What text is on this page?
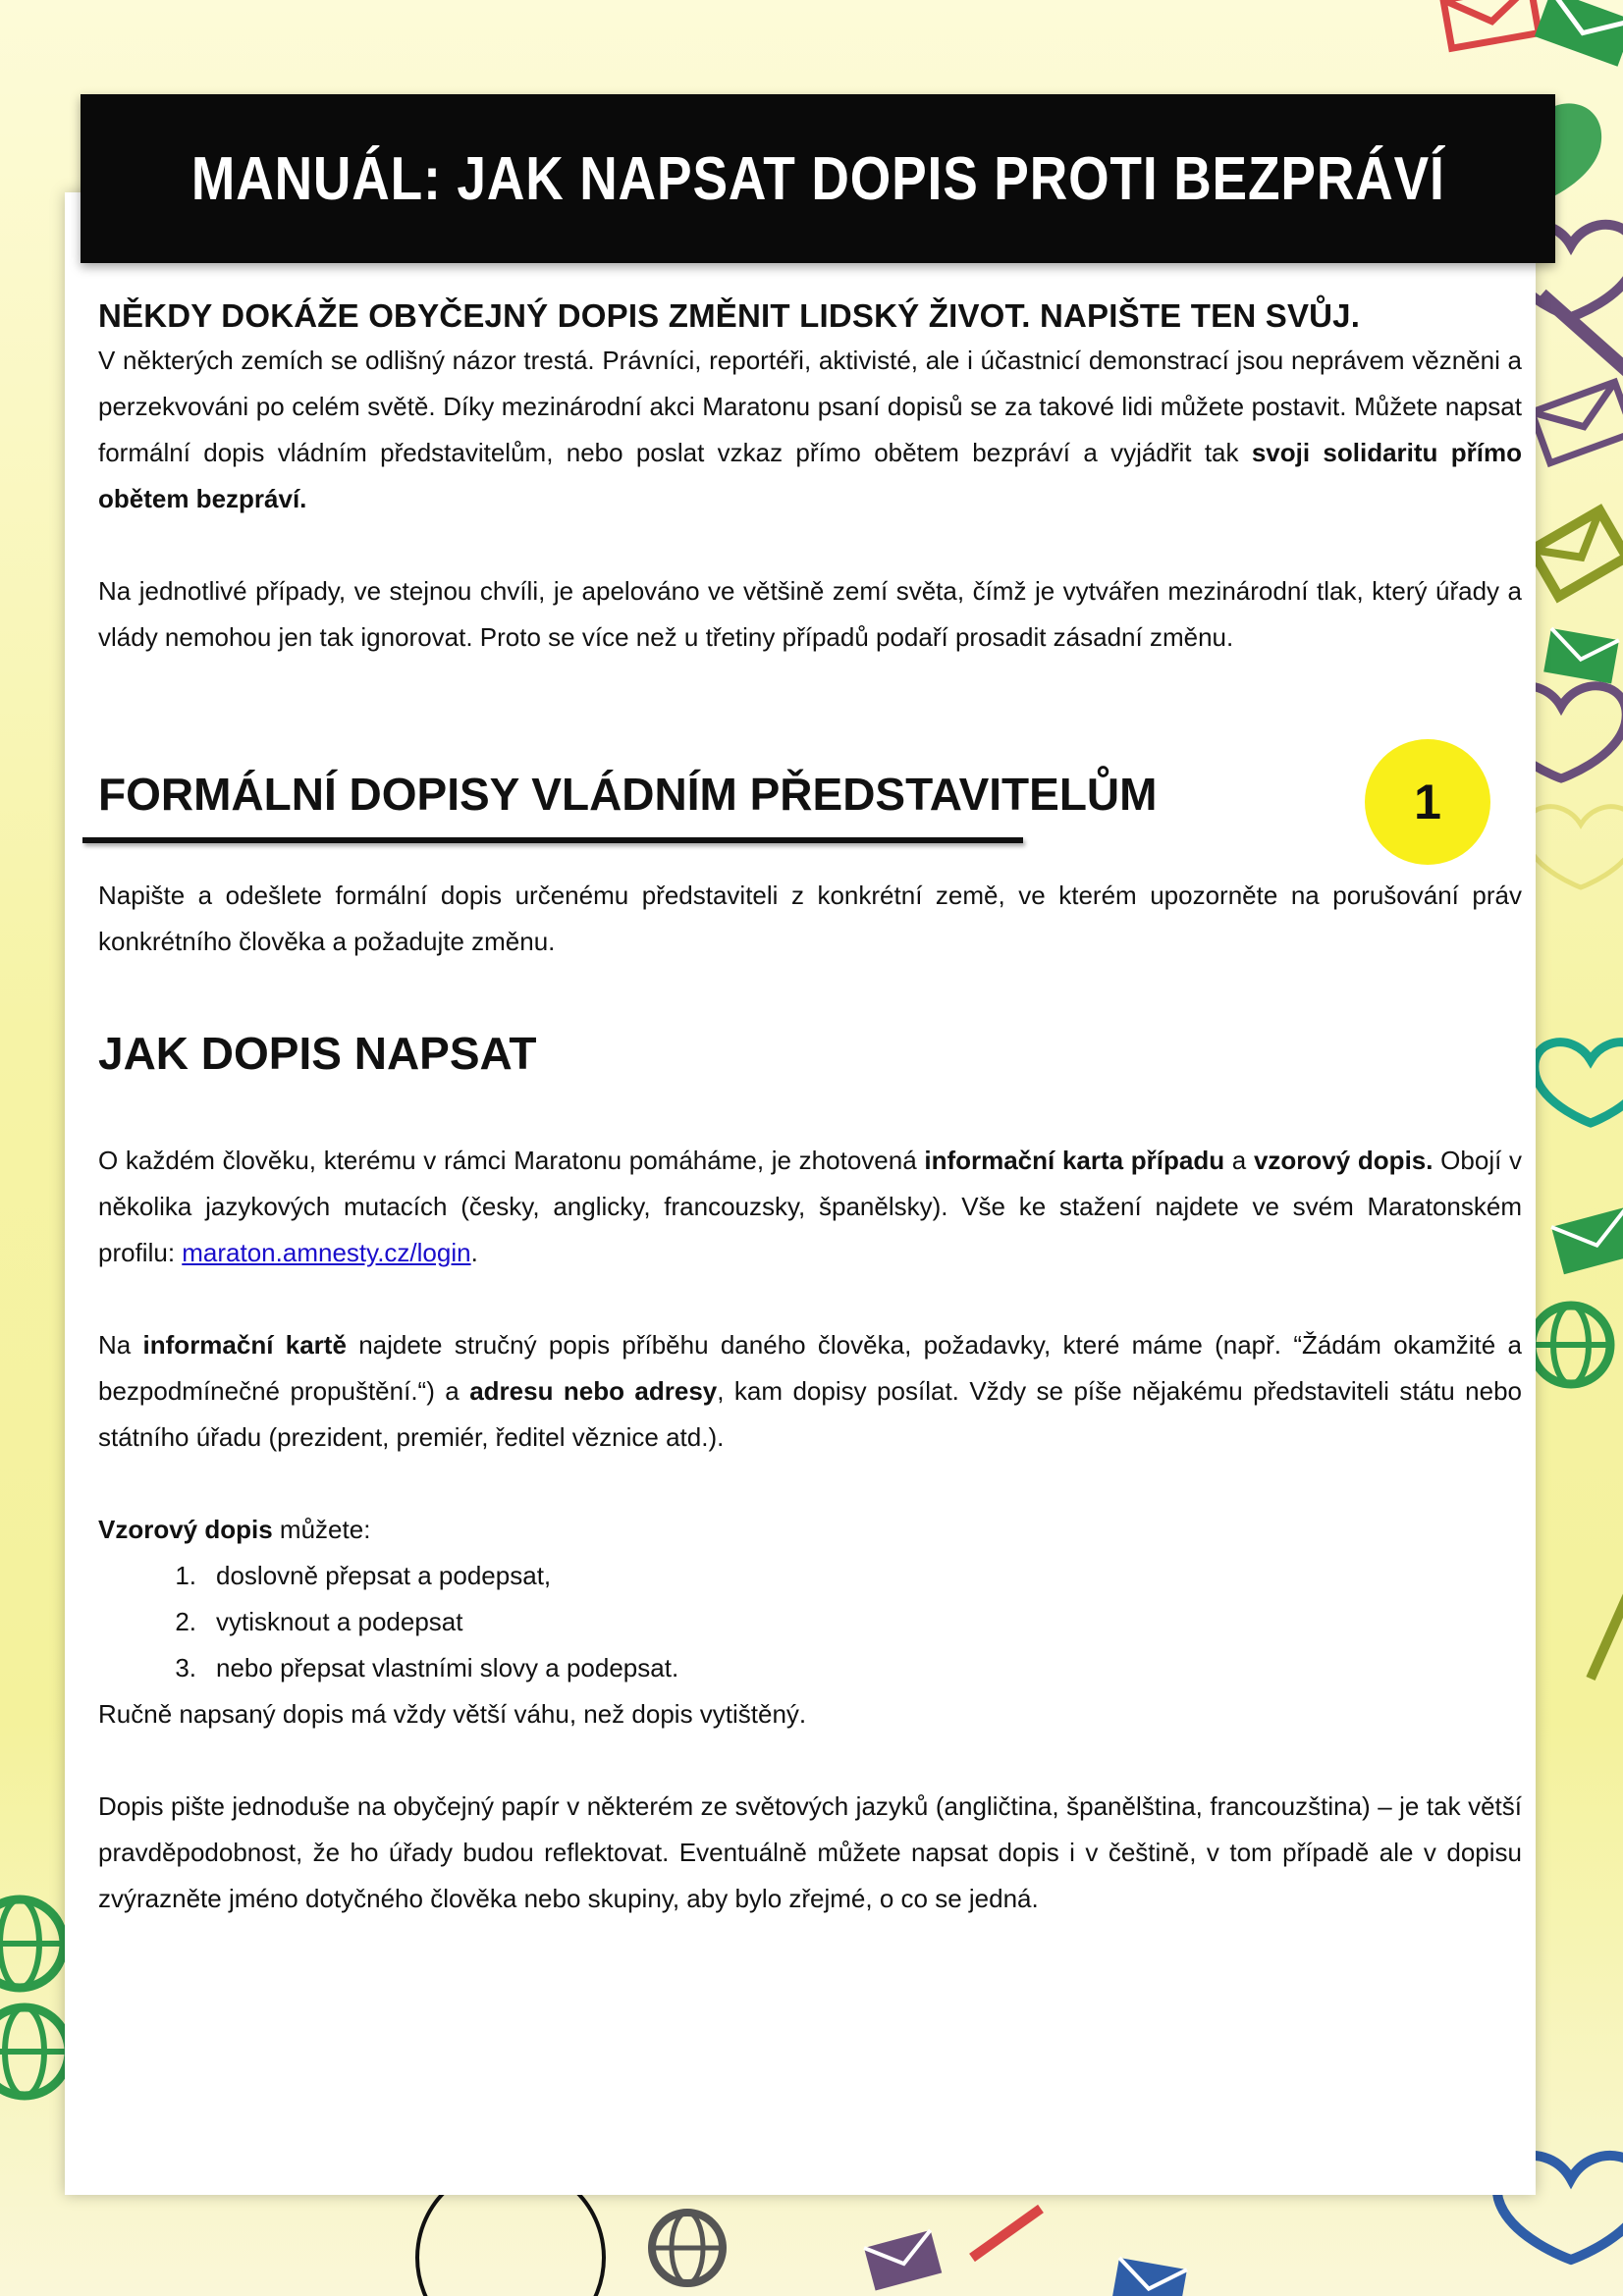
MANUÁL: JAK NAPSAT DOPIS PROTI BEZPRÁVÍ

NĚKDY DOKÁŽE OBYČEJNÝ DOPIS ZMĚNIT LIDSKÝ ŽIVOT. NAPIŠTE TEN SVŮJ.

V některých zemích se odlišný názor trestá. Právníci, reportéři, aktivisté, ale i účastnicí demonstrací jsou neprávem vězněni a perzekvováni po celém světě. Díky mezinárodní akci Maratonu psaní dopisů se za takové lidi můžete postavit. Můžete napsat formální dopis vládním představitelům, nebo poslat vzkaz přímo obětem bezpráví a vyjádřit tak svoji solidaritu přímo obětem bezpráví.

Na jednotlivé případy, ve stejnou chvíli, je apelováno ve většině zemí světa, čímž je vytvářen mezinárodní tlak, který úřady a vlády nemohou jen tak ignorovat. Proto se více než u třetiny případů podaří prosadit zásadní změnu.

FORMÁLNÍ DOPISY VLÁDNÍM PŘEDSTAVITELŮM	1

Napište a odešlete formální dopis určenému představiteli z konkrétní země, ve kterém upozorněte na porušování práv konkrétního člověka a požadujte změnu.

JAK DOPIS NAPSAT

O každém člověku, kterému v rámci Maratonu pomáháme, je zhotovená informační karta případu a vzorový dopis. Obojí v několika jazykových mutacích (česky, anglicky, francouzsky, španělsky). Vše ke stažení najdete ve svém Maratonském profilu: maraton.amnesty.cz/login.

Na informační kartě najdete stručný popis příběhu daného člověka, požadavky, které máme (např. “Žádám okamžité a bezpodmínečné propuštění.“) a adresu nebo adresy, kam dopisy posílat. Vždy se píše nějakému představiteli státu nebo státního úřadu (prezident, premiér, ředitel věznice atd.).

Vzorový dopis můžete:

1. doslovně přepsat a podepsat,
2. vytisknout a podepsat
3. nebo přepsat vlastními slovy a podepsat.

Ručně napsaný dopis má vždy větší váhu, než dopis vytištěný.

Dopis pište jednoduše na obyčejný papír v některém ze světových jazyků (angličtina, španělština, francouzština) – je tak větší pravděpodobnost, že ho úřady budou reflektovat. Eventuálně můžete napsat dopis i v češtině, v tom případě ale v dopisu zvýrazněte jméno dotyčného člověka nebo skupiny, aby bylo zřejmé, o co se jedná.
